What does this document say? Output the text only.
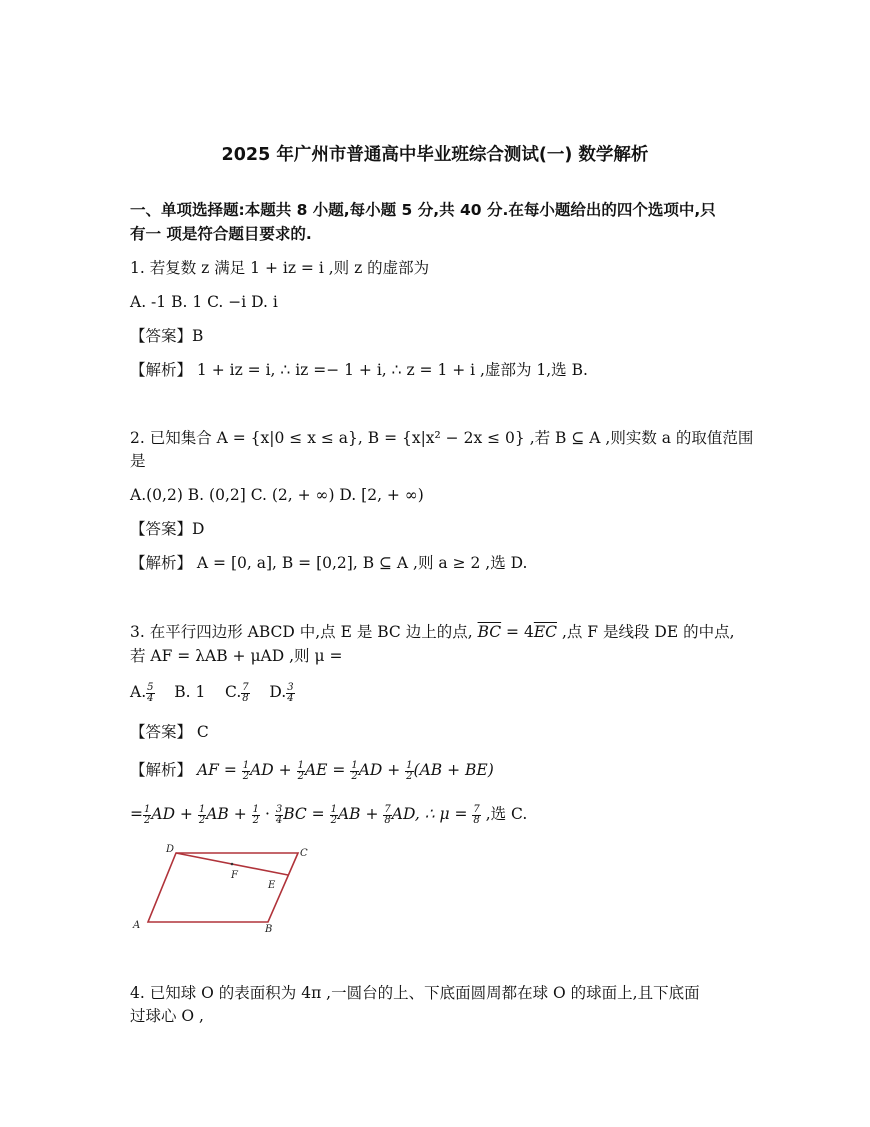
2025 年广州市普通高中毕业班综合测试(一) 数学解析
一、单项选择题:本题共 8 小题,每小题 5 分,共 40 分.在每小题给出的四个选项中,只
有一 项是符合题目要求的.
1. 若复数 z 满足 1 + iz = i ,则 z 的虚部为
A. -1 B. 1 C. −i D. i
【答案】B
【解析】 1 + iz = i, ∴ iz =− 1 + i, ∴ z = 1 + i ,虚部为 1,选 B.
2. 已知集合 A = {x|0 ≤ x ≤ a}, B = {x|x² − 2x ≤ 0} ,若 B ⊆ A ,则实数 a 的取值范围
是
A.(0,2) B. (0,2] C. (2, + ∞) D. [2, + ∞)
【答案】D
【解析】 A = [0, a], B = [0,2], B ⊆ A ,则 a ≥ 2 ,选 D.
3. 在平行四边形 ABCD 中,点 E 是 BC 边上的点, $\overline{BC} = 4\overline{EC}$ ,点 F 是线段 DE 的中点,
若 AF = λAB + μAD ,则 μ =
A. $\frac{5}{4} B$. 1 C. $\frac{7}{8} D$. $\frac{3}{4}$
【答案】 C
【解析】 AF = $\frac{1}{2}$ AD + $\frac{1}{2}$ AE = $\frac{1}{2}$ AD + $\frac{1}{2} (AB + BE)$
= $\frac{1}{2}$ AD + $\frac{1}{2}$ AB + $\frac{1}{2} \cdot \frac{3}{4}$ BC = $\frac{1}{2}$ AB + $\frac{7}{8}$ AD, ∴ $\mu = \frac{7}{8}$ ,选 C.
D	C
F
E
A	B
4. 已知球 O 的表面积为 4π ,一圆台的上、下底面圆周都在球 O 的球面上,且下底面
过球心 O ,
